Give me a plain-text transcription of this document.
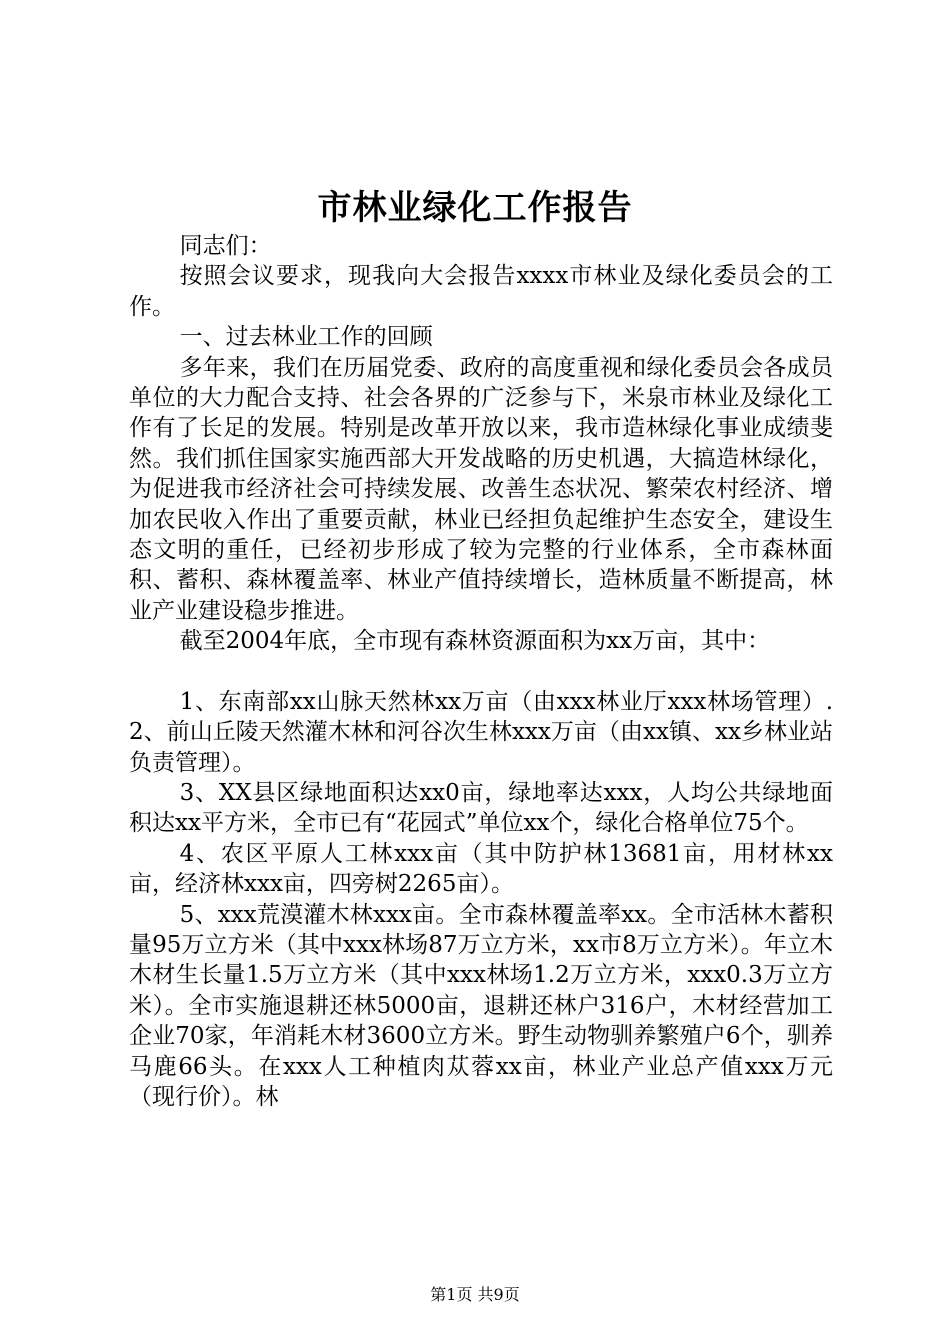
市林业绿化工作报告

同志们：

按照会议要求，现我向大会报告xxxx市林业及绿化委员会的工作。

一、过去林业工作的回顾

多年来，我们在历届党委、政府的高度重视和绿化委员会各成员单位的大力配合支持、社会各界的广泛参与下，米泉市林业及绿化工作有了长足的发展。特别是改革开放以来，我市造林绿化事业成绩斐然。我们抓住国家实施西部大开发战略的历史机遇，大搞造林绿化，为促进我市经济社会可持续发展、改善生态状况、繁荣农村经济、增加农民收入作出了重要贡献，林业已经担负起维护生态安全，建设生态文明的重任，已经初步形成了较为完整的行业体系，全市森林面积、蓄积、森林覆盖率、林业产值持续增长，造林质量不断提高，林业产业建设稳步推进。

截至2004年底，全市现有森林资源面积为xx万亩，其中：

1、东南部xx山脉天然林xx万亩（由xxx林业厅xxx林场管理）.2、前山丘陵天然灌木林和河谷次生林xxx万亩（由xx镇、xx乡林业站负责管理）。

3、XX县区绿地面积达xx0亩，绿地率达xxx，人均公共绿地面积达xx平方米，全市已有“花园式”单位xx个，绿化合格单位75个。

4、农区平原人工林xxx亩（其中防护林13681亩，用材林xx亩，经济林xxx亩，四旁树2265亩）。

5、xxx荒漠灌木林xxx亩。全市森林覆盖率xx。全市活林木蓄积量95万立方米（其中xxx林场87万立方米，xx市8万立方米）。年立木木材生长量1.5万立方米（其中xxx林场1.2万立方米，xxx0.3万立方米）。全市实施退耕还林5000亩，退耕还林户316户，木材经营加工企业70家，年消耗木材3600立方米。野生动物驯养繁殖户6个，驯养马鹿66头。在xxx人工种植肉苁蓉xx亩，林业产业总产值xxx万元（现行价）。林

第1页 共9页
